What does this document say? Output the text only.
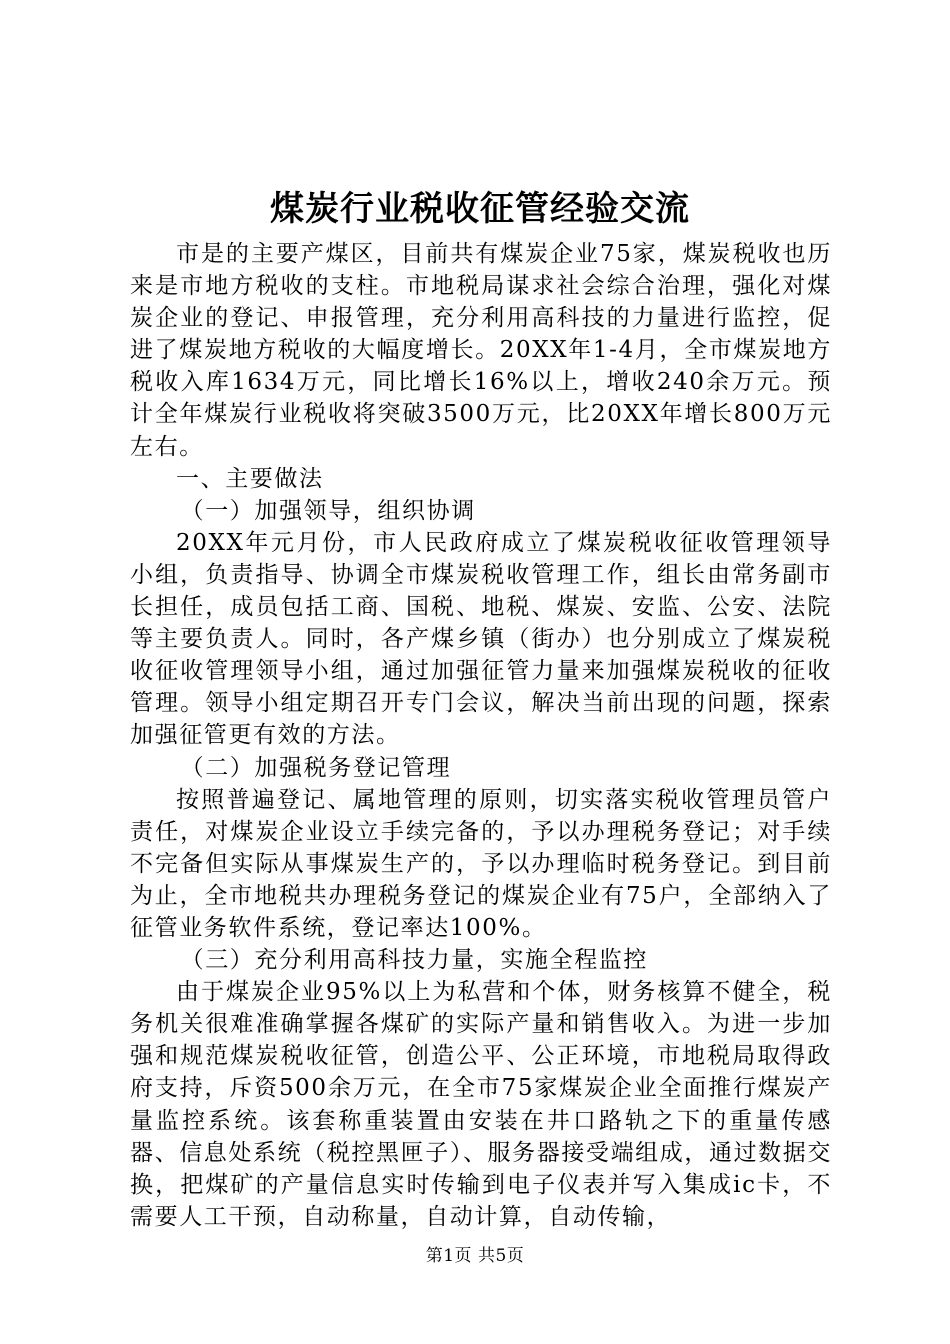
煤炭行业税收征管经验交流

市是的主要产煤区，目前共有煤炭企业75家，煤炭税收也历来是市地方税收的支柱。市地税局谋求社会综合治理，强化对煤炭企业的登记、申报管理，充分利用高科技的力量进行监控，促进了煤炭地方税收的大幅度增长。20XX年1-4月，全市煤炭地方税收入库1634万元，同比增长16%以上，增收240余万元。预计全年煤炭行业税收将突破3500万元，比20XX年增长800万元左右。

一、主要做法

（一）加强领导，组织协调

20XX年元月份，市人民政府成立了煤炭税收征收管理领导小组，负责指导、协调全市煤炭税收管理工作，组长由常务副市长担任，成员包括工商、国税、地税、煤炭、安监、公安、法院等主要负责人。同时，各产煤乡镇（街办）也分别成立了煤炭税收征收管理领导小组，通过加强征管力量来加强煤炭税收的征收管理。领导小组定期召开专门会议，解决当前出现的问题，探索加强征管更有效的方法。

（二）加强税务登记管理

按照普遍登记、属地管理的原则，切实落实税收管理员管户责任，对煤炭企业设立手续完备的，予以办理税务登记；对手续不完备但实际从事煤炭生产的，予以办理临时税务登记。到目前为止，全市地税共办理税务登记的煤炭企业有75户，全部纳入了征管业务软件系统，登记率达100%。

（三）充分利用高科技力量，实施全程监控

由于煤炭企业95%以上为私营和个体，财务核算不健全，税务机关很难准确掌握各煤矿的实际产量和销售收入。为进一步加强和规范煤炭税收征管，创造公平、公正环境，市地税局取得政府支持，斥资500余万元，在全市75家煤炭企业全面推行煤炭产量监控系统。该套称重装置由安装在井口路轨之下的重量传感器、信息处系统（税控黑匣子）、服务器接受端组成，通过数据交换，把煤矿的产量信息实时传输到电子仪表并写入集成ic卡，不需要人工干预，自动称量，自动计算，自动传输，

第1页 共5页
